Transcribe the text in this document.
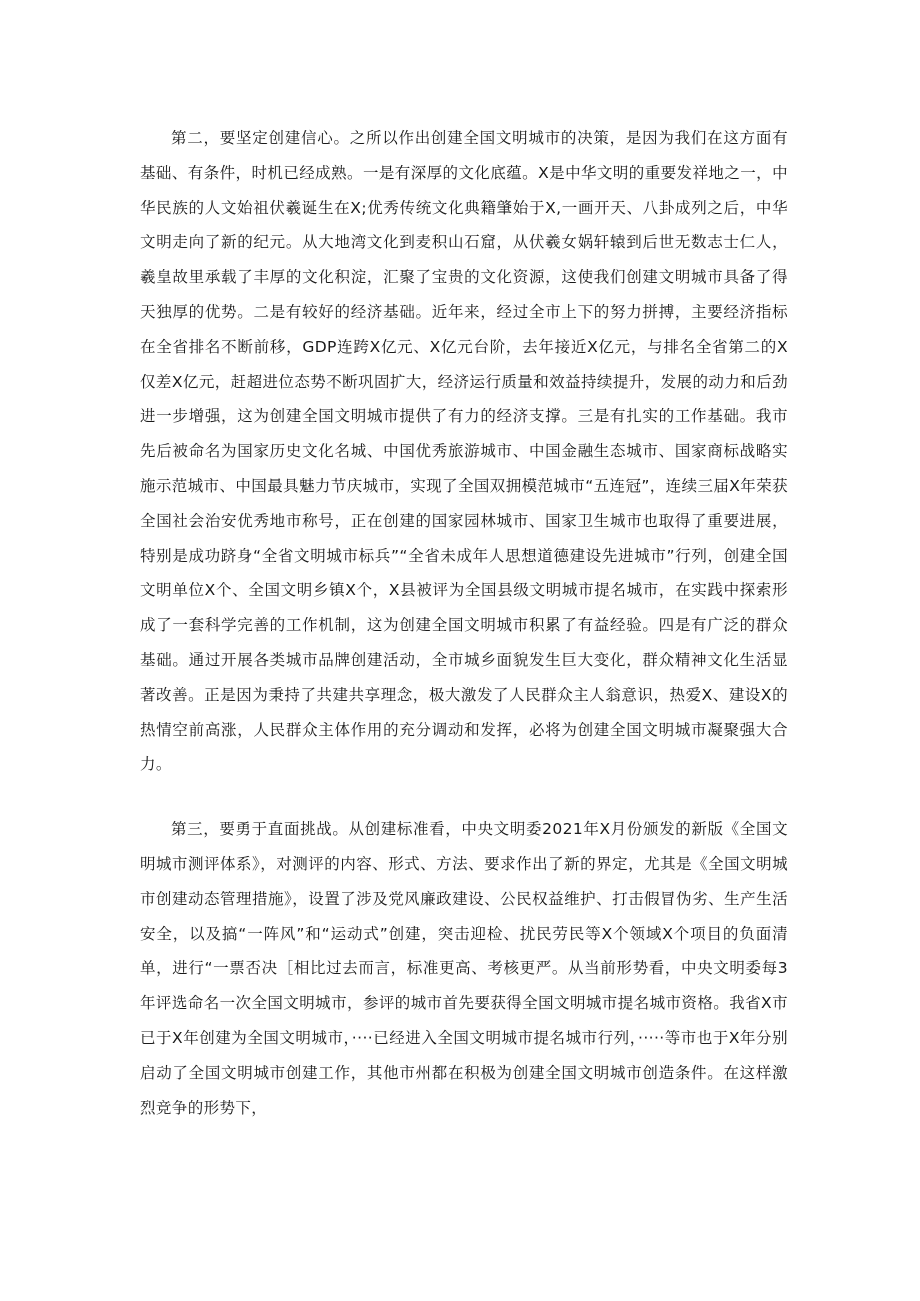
第二，要坚定创建信心。之所以作出创建全国文明城市的决策，是因为我们在这方面有基础、有条件，时机已经成熟。一是有深厚的文化底蕴。X是中华文明的重要发祥地之一，中华民族的人文始祖伏羲诞生在X;优秀传统文化典籍肇始于X,一画开天、八卦成列之后，中华文明走向了新的纪元。从大地湾文化到麦积山石窟，从伏羲女娲轩辕到后世无数志士仁人，羲皇故里承载了丰厚的文化积淀，汇聚了宝贵的文化资源，这使我们创建文明城市具备了得天独厚的优势。二是有较好的经济基础。近年来，经过全市上下的努力拼搏，主要经济指标在全省排名不断前移，GDP连跨X亿元、X亿元台阶，去年接近X亿元，与排名全省第二的X仅差X亿元，赶超进位态势不断巩固扩大，经济运行质量和效益持续提升，发展的动力和后劲进一步增强，这为创建全国文明城市提供了有力的经济支撑。三是有扎实的工作基础。我市先后被命名为国家历史文化名城、中国优秀旅游城市、中国金融生态城市、国家商标战略实施示范城市、中国最具魅力节庆城市，实现了全国双拥模范城市“五连冠”，连续三届X年荣获全国社会治安优秀地市称号，正在创建的国家园林城市、国家卫生城市也取得了重要进展，特别是成功跻身“全省文明城市标兵”“全省未成年人思想道德建设先进城市”行列，创建全国文明单位X个、全国文明乡镇X个，X县被评为全国县级文明城市提名城市，在实践中探索形成了一套科学完善的工作机制，这为创建全国文明城市积累了有益经验。四是有广泛的群众基础。通过开展各类城市品牌创建活动，全市城乡面貌发生巨大变化，群众精神文化生活显著改善。正是因为秉持了共建共享理念，极大激发了人民群众主人翁意识，热爱X、建设X的热情空前高涨，人民群众主体作用的充分调动和发挥，必将为创建全国文明城市凝聚强大合力。

第三，要勇于直面挑战。从创建标准看，中央文明委2021年X月份颁发的新版《全国文明城市测评体系》，对测评的内容、形式、方法、要求作出了新的界定，尤其是《全国文明城市创建动态管理措施》，设置了涉及党风廉政建设、公民权益维护、打击假冒伪劣、生产生活安全，以及搞“一阵风”和“运动式”创建，突击迎检、扰民劳民等X个领域X个项目的负面清单，进行“一票否决［相比过去而言，标准更高、考核更严。从当前形势看，中央文明委每3年评选命名一次全国文明城市，参评的城市首先要获得全国文明城市提名城市资格。我省X市已于X年创建为全国文明城市，····已经进入全国文明城市提名城市行列，·····等市也于X年分别启动了全国文明城市创建工作，其他市州都在积极为创建全国文明城市创造条件。在这样激烈竞争的形势下，
